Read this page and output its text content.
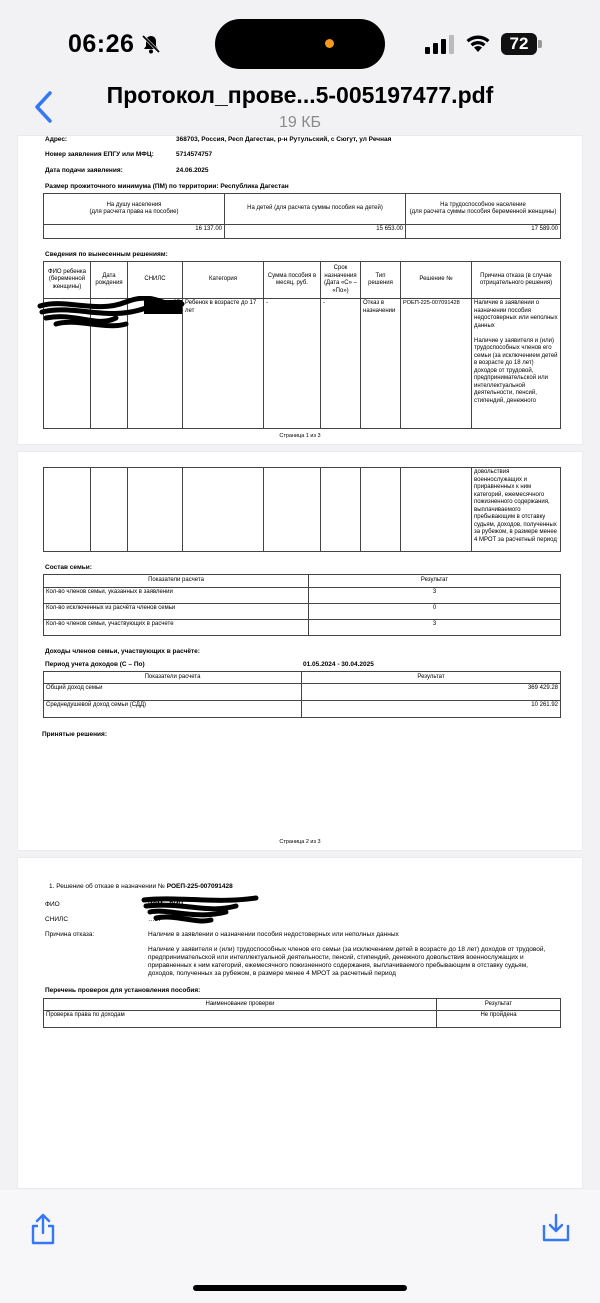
06:26	72
Протокол_прове...5-005197477.pdf
19 КБ
Адрес:	368703, Россия, Респ Дагестан, р-н Рутульский, с Сюгут, ул Речная
Номер заявления ЕПГУ или МФЦ:	5714574757
Дата подачи заявления:	24.06.2025
Размер прожиточного минимума (ПМ) по территории: Республика Дагестан
На душу населения
(для расчета права на пособие)	На детей (для расчета суммы пособия на детей)	На трудоспособное население
(для расчета суммы пособия беременной женщины)
16 137.00	15 653.00	17 589.00
Сведения по вынесенным решениям:
ФИО ребенка (беременной женщины)	Дата рождения	СНИЛС	Категория	Сумма пособия в месяц, руб.	Срок назначения (Дата «С» – «По»)	Тип решения	Решение №	Причина отказа (в случае отрицательного решения)
			Ребенок в возрасте до 17 лет	-	-	Отказ в назначении	РОЕП-225-007091428	Наличие в заявлении о назначении пособия недостоверных или неполных данных

Наличие у заявителя и (или) трудоспособных членов его семьи (за исключением детей в возрасте до 18 лет) доходов от трудовой, предпринимательской или интеллектуальной деятельности, пенсий, стипендий, денежного
Страница 1 из 3
								довольствия военнослужащих и приравненных к ним категорий, ежемесячного пожизненного содержания, выплачиваемого пребывающим в отставку судьям, доходов, полученных за рубежом, в размере менее 4 МРОТ за расчетный период
Состав семьи:
Показатели расчета	Результат
Кол-во членов семьи, указанных в заявлении	3
Кол-во исключенных из расчёта членов семьи	0
Кол-во членов семьи, участвующих в расчете	3
Доходы членов семьи, участвующих в расчёте:
Период учета доходов (С – По)	01.05.2024 - 30.04.2025
Показатели расчета	Результат
Общий доход семьи	369 429.28
Среднедушевой доход семьи (СДД)	10 261.92
Принятые решения:
Страница 2 из 3
1. Решение об отказе в назначении № РОЕП-225-007091428
ФИО	ИСМ…ВИЧ
СНИЛС	…87
Причина отказа:	Наличие в заявлении о назначении пособия недостоверных или неполных данных
Наличие у заявителя и (или) трудоспособных членов его семьи (за исключением детей в возрасте до 18 лет) доходов от трудовой, предпринимательской или интеллектуальной деятельности, пенсий, стипендий, денежного довольствия военнослужащих и приравненных к ним категорий, ежемесячного пожизненного содержания, выплачиваемого пребывающим в отставку судьям, доходов, полученных за рубежом, в размере менее 4 МРОТ за расчетный период
Перечень проверок для установления пособия:
Наименование проверки	Результат
Проверка права по доходам	Не пройдена
